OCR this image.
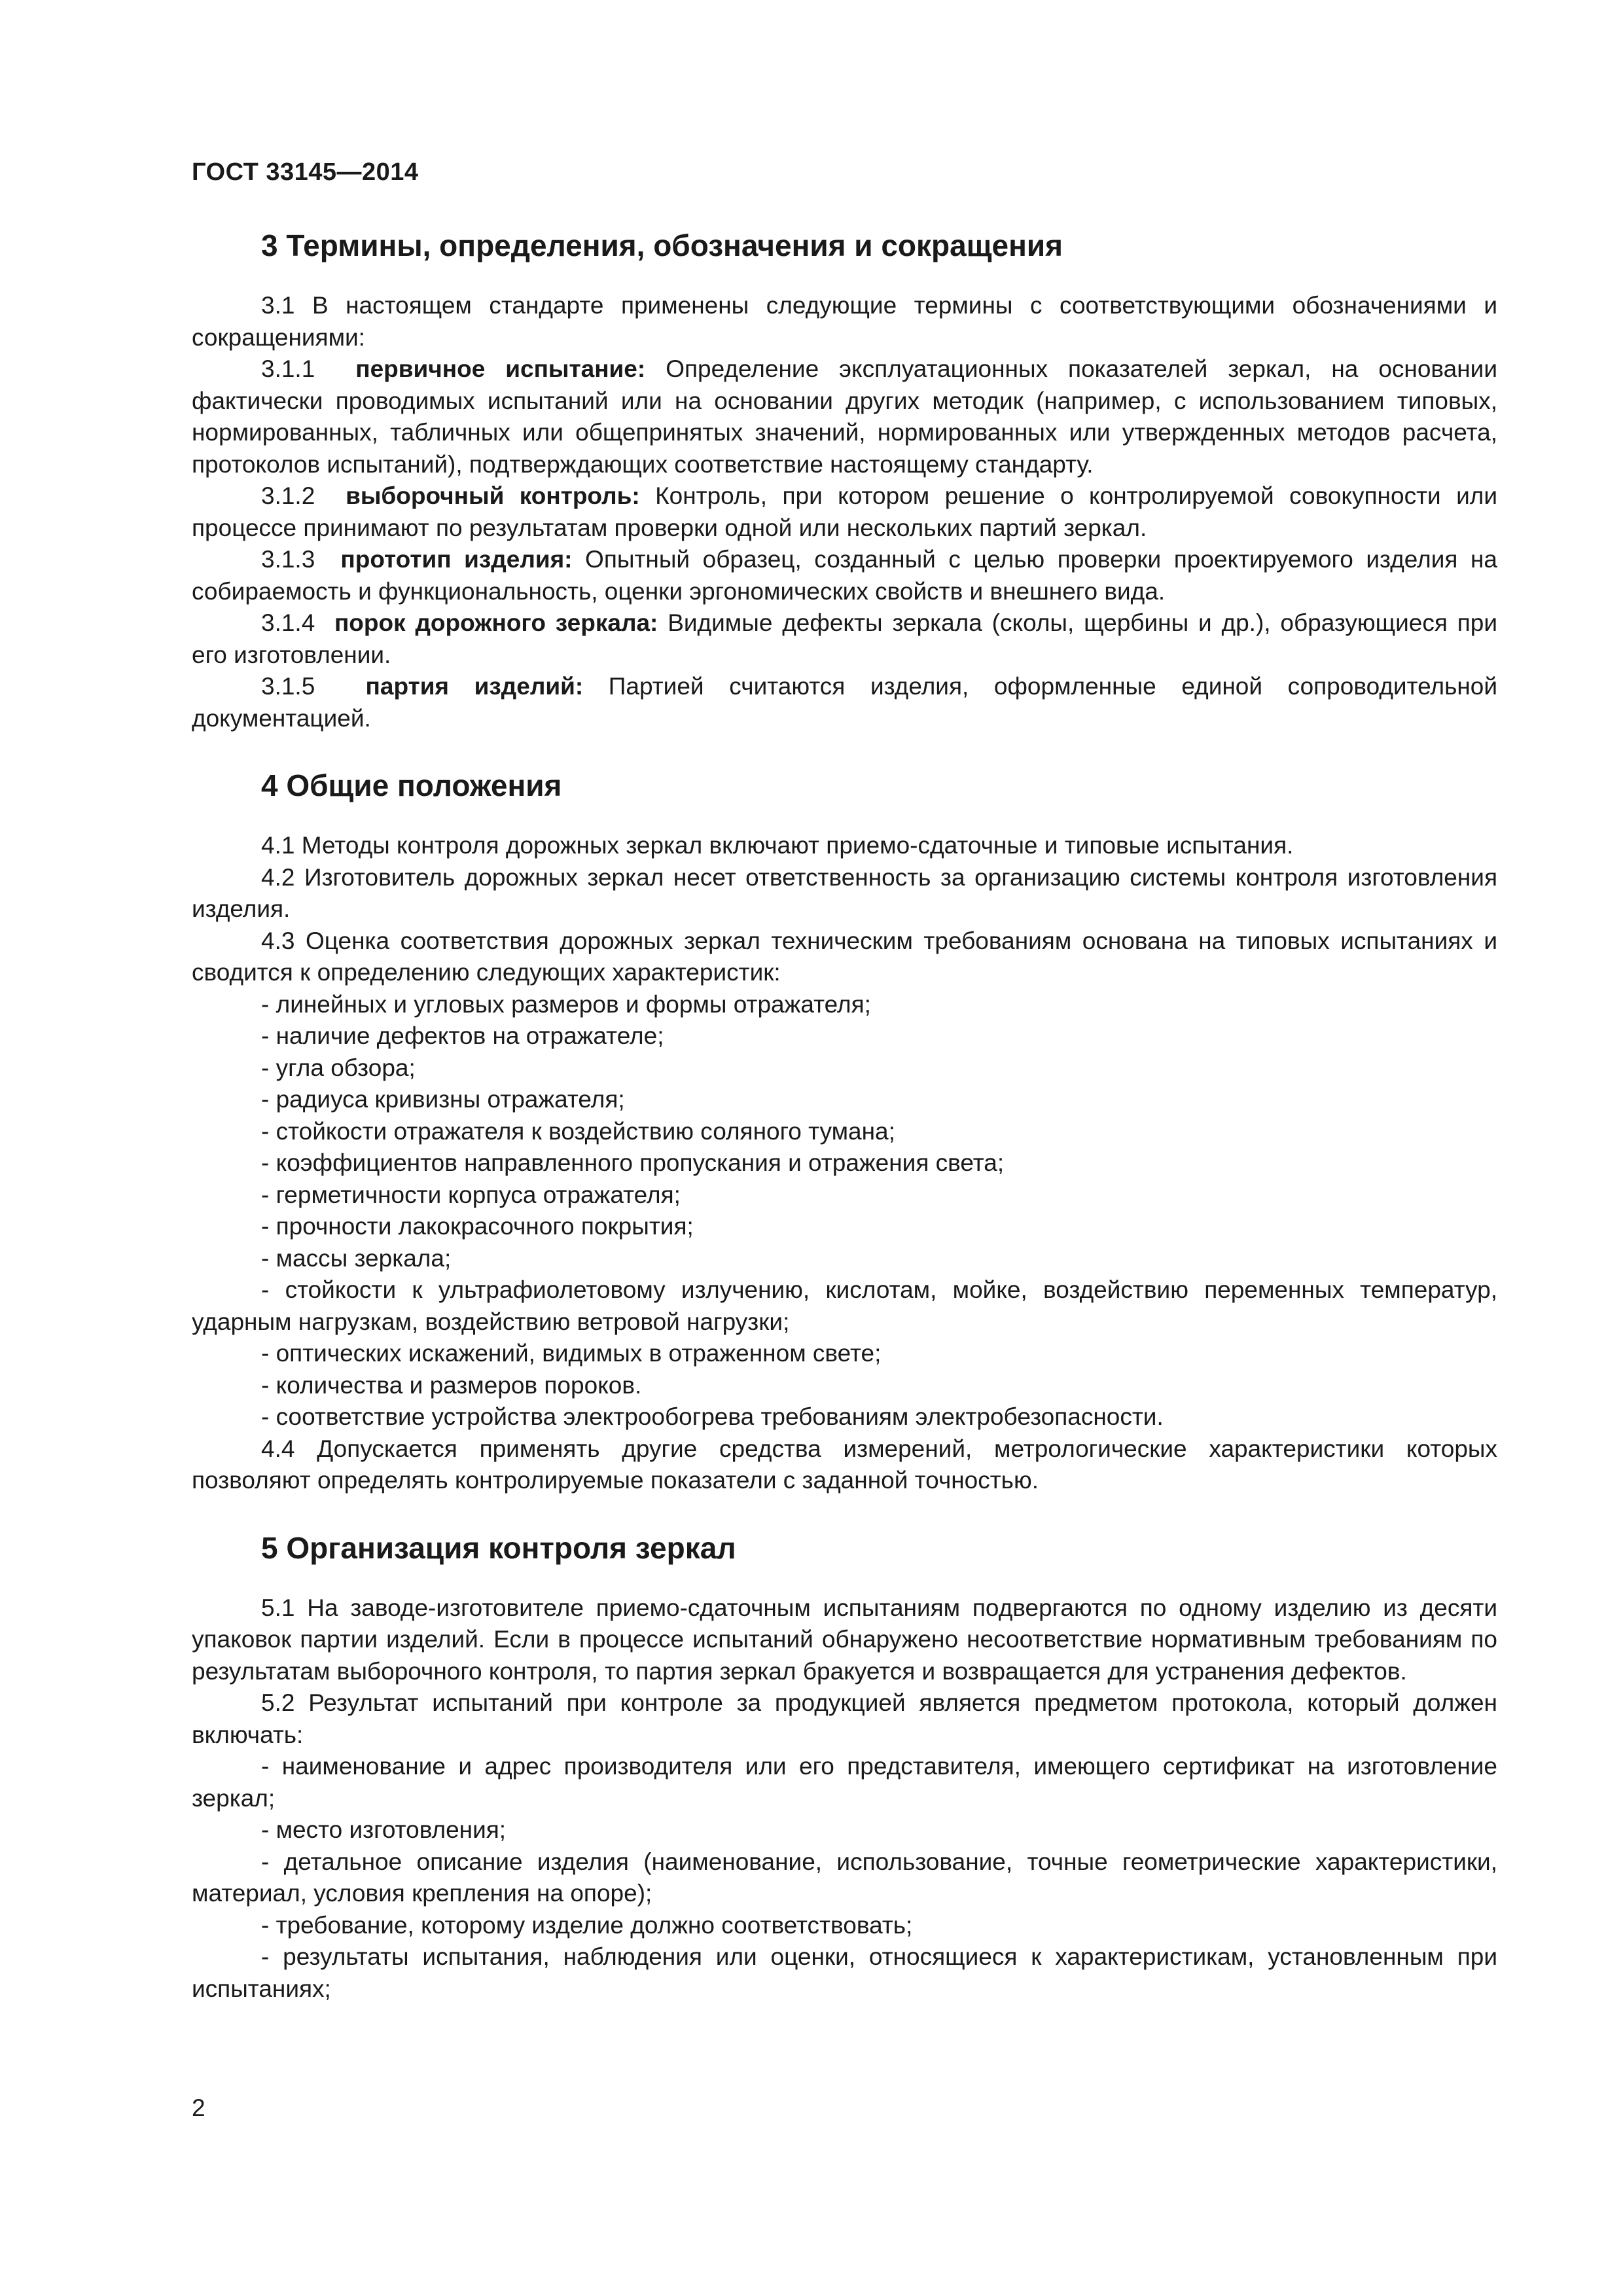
ГОСТ 33145—2014
3 Термины, определения, обозначения и сокращения

3.1 В настоящем стандарте применены следующие термины с соответствующими обозначениями и сокращениями:

3.1.1 первичное испытание: Определение эксплуатационных показателей зеркал, на основании фактически проводимых испытаний или на основании других методик (например, с использованием типовых, нормированных, табличных или общепринятых значений, нормированных или утвержденных методов расчета, протоколов испытаний), подтверждающих соответствие настоящему стандарту.

3.1.2 выборочный контроль: Контроль, при котором решение о контролируемой совокупности или процессе принимают по результатам проверки одной или нескольких партий зеркал.

3.1.3 прототип изделия: Опытный образец, созданный с целью проверки проектируемого изделия на собираемость и функциональность, оценки эргономических свойств и внешнего вида.

3.1.4 порок дорожного зеркала: Видимые дефекты зеркала (сколы, щербины и др.), образующиеся при его изготовлении.

3.1.5 партия изделий: Партией считаются изделия, оформленные единой сопроводительной документацией.

4 Общие положения

4.1 Методы контроля дорожных зеркал включают приемо-сдаточные и типовые испытания.

4.2 Изготовитель дорожных зеркал несет ответственность за организацию системы контроля изготовления изделия.

4.3 Оценка соответствия дорожных зеркал техническим требованиям основана на типовых испытаниях и сводится к определению следующих характеристик:

- линейных и угловых размеров и формы отражателя;

- наличие дефектов на отражателе;

- угла обзора;

- радиуса кривизны отражателя;

- стойкости отражателя к воздействию соляного тумана;

- коэффициентов направленного пропускания и отражения света;

- герметичности корпуса отражателя;

- прочности лакокрасочного покрытия;

- массы зеркала;

- стойкости к ультрафиолетовому излучению, кислотам, мойке, воздействию переменных температур, ударным нагрузкам, воздействию ветровой нагрузки;

- оптических искажений, видимых в отраженном свете;

- количества и размеров пороков.

- соответствие устройства электрообогрева требованиям электробезопасности.

4.4 Допускается применять другие средства измерений, метрологические характеристики которых позволяют определять контролируемые показатели с заданной точностью.

5 Организация контроля зеркал

5.1 На заводе-изготовителе приемо-сдаточным испытаниям подвергаются по одному изделию из десяти упаковок партии изделий. Если в процессе испытаний обнаружено несоответствие нормативным требованиям по результатам выборочного контроля, то партия зеркал бракуется и возвращается для устранения дефектов.

5.2 Результат испытаний при контроле за продукцией является предметом протокола, который должен включать:

- наименование и адрес производителя или его представителя, имеющего сертификат на изготовление зеркал;

- место изготовления;

- детальное описание изделия (наименование, использование, точные геометрические характеристики, материал, условия крепления на опоре);

- требование, которому изделие должно соответствовать;

- результаты испытания, наблюдения или оценки, относящиеся к характеристикам, установленным при испытаниях;

2
